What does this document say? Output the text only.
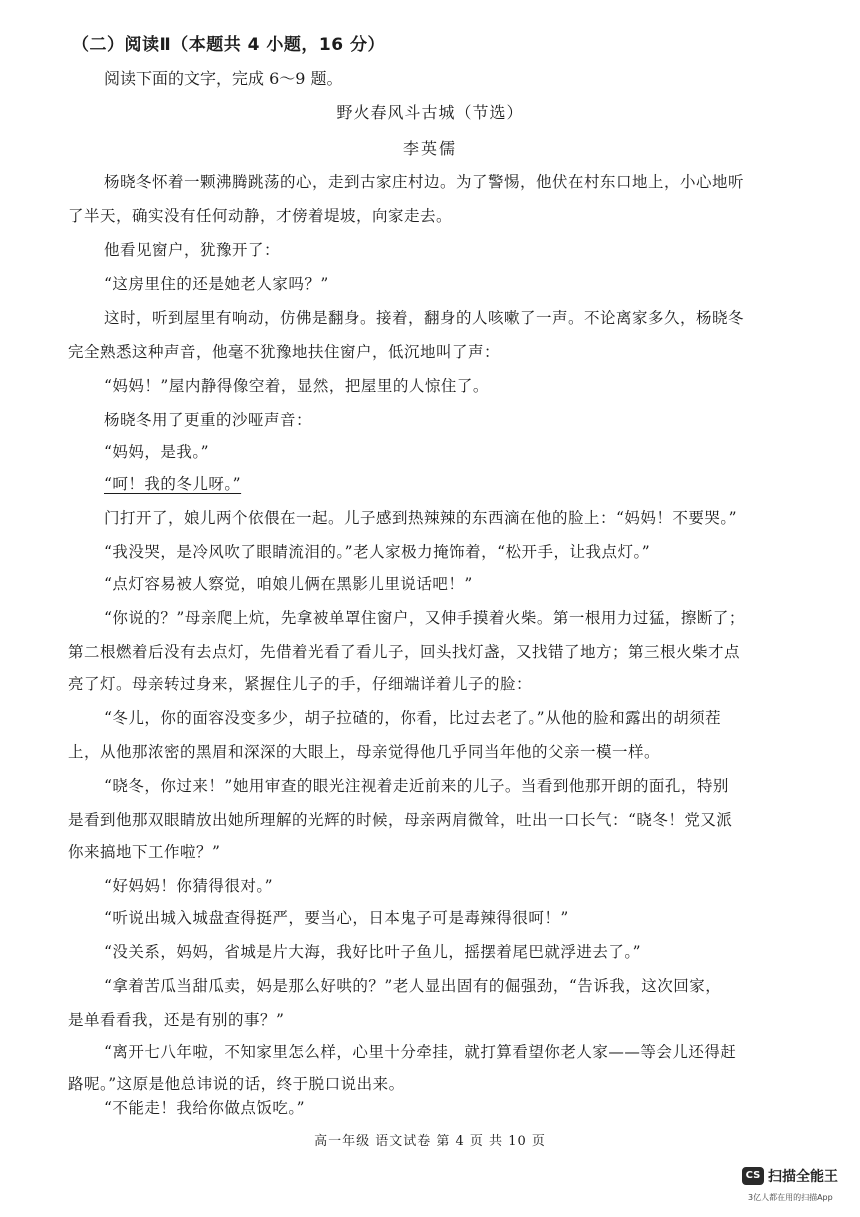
（二）阅读Ⅱ（本题共 4 小题，16 分）
阅读下面的文字，完成 6～9 题。
野火春风斗古城（节选）
李英儒
杨晓冬怀着一颗沸腾跳荡的心，走到古家庄村边。为了警惕，他伏在村东口地上，小心地听
了半天，确实没有任何动静，才傍着堤坡，向家走去。
他看见窗户，犹豫开了：
“这房里住的还是她老人家吗？”
这时，听到屋里有响动，仿佛是翻身。接着，翻身的人咳嗽了一声。不论离家多久，杨晓冬
完全熟悉这种声音，他毫不犹豫地扶住窗户，低沉地叫了声：
“妈妈！”屋内静得像空着，显然，把屋里的人惊住了。
杨晓冬用了更重的沙哑声音：
“妈妈，是我。”
“呵！我的冬儿呀。”
门打开了，娘儿两个依偎在一起。儿子感到热辣辣的东西滴在他的脸上：“妈妈！不要哭。”
“我没哭，是冷风吹了眼睛流泪的。”老人家极力掩饰着，“松开手，让我点灯。”
“点灯容易被人察觉，咱娘儿俩在黑影儿里说话吧！”
“你说的？”母亲爬上炕，先拿被单罩住窗户，又伸手摸着火柴。第一根用力过猛，擦断了；
第二根燃着后没有去点灯，先借着光看了看儿子，回头找灯盏，又找错了地方；第三根火柴才点
亮了灯。母亲转过身来，紧握住儿子的手，仔细端详着儿子的脸：
“冬儿，你的面容没变多少，胡子拉碴的，你看，比过去老了。”从他的脸和露出的胡须茬
上，从他那浓密的黑眉和深深的大眼上，母亲觉得他几乎同当年他的父亲一模一样。
“晓冬，你过来！”她用审查的眼光注视着走近前来的儿子。当看到他那开朗的面孔，特别
是看到他那双眼睛放出她所理解的光辉的时候，母亲两肩微耸，吐出一口长气：“晓冬！党又派
你来搞地下工作啦？”
“好妈妈！你猜得很对。”
“听说出城入城盘查得挺严，要当心，日本鬼子可是毒辣得很呵！”
“没关系，妈妈，省城是片大海，我好比叶子鱼儿，摇摆着尾巴就浮进去了。”
“拿着苦瓜当甜瓜卖，妈是那么好哄的？”老人显出固有的倔强劲，“告诉我，这次回家，
是单看看我，还是有别的事？”
“离开七八年啦，不知家里怎么样，心里十分牵挂，就打算看望你老人家——等会儿还得赶
路呢。”这原是他总讳说的话，终于脱口说出来。
“不能走！我给你做点饭吃。”
高一年级 语文试卷 第 4 页 共 10 页
CS 扫描全能王
3亿人都在用的扫描App
